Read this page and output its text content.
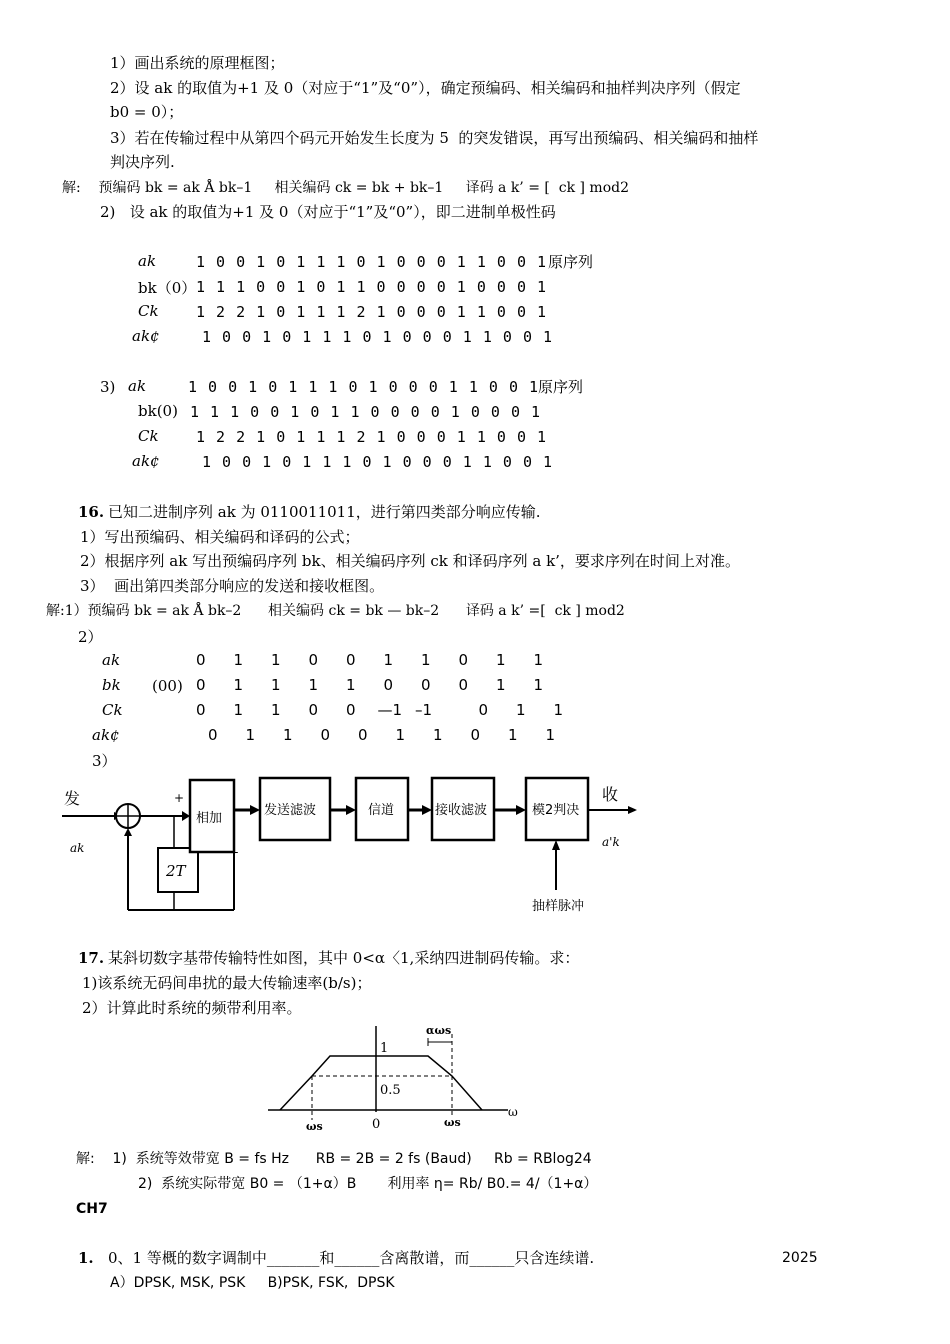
1）画出系统的原理框图；
2）设 ak 的取值为+1 及 0（对应于“1”及“0”），确定预编码、相关编码和抽样判决序列（假定
b0 = 0）；
3）若在传输过程中从第四个码元开始发生长度为 5  的突发错误，再写出预编码、相关编码和抽样
判决序列.
解:    预编码 bk = ak Å bk–1     相关编码 ck = bk + bk–1     译码 a k’ = [  ck ] mod2
2)   设 ak 的取值为+1 及 0（对应于“1”及“0”），即二进制单极性码
ak	1 0 0 1 0 1 1 1 0 1 0 0 0 1 1 0 0 1 原序列
bk（0） 1 1 1 0 0 1 0 1 1 0 0 0 0 1 0 0 0 1
Ck 1 2 2 1 0 1 1 1 2 1 0 0 0 1 1 0 0 1
ak¢	1 0 0 1 0 1 1 1 0 1 0 0 0 1 1 0 0 1
3) ak	1 0 0 1 0 1 1 1 0 1 0 0 0 1 1 0 0 1
原序列
bk(0) 1 1 1 0 0 1 0 1 1 0 0 0 0 1 0 0 0 1
Ck 1 2 2 1 0 1 1 1 2 1 0 0 0 1 1 0 0 1
ak¢	1 0 0 1 0 1 1 1 0 1 0 0 0 1 1 0 0 1
16. 已知二进制序列 ak 为 0110011011，进行第四类部分响应传输.
1）写出预编码、相关编码和译码的公式；
2）根据序列 ak 写出预编码序列 bk、相关编码序列 ck 和译码序列 a k’，要求序列在时间上对准。
3）  画出第四类部分响应的发送和接收框图。
解:1）预编码 bk = ak Å bk–2      相关编码 ck = bk — bk–2      译码 a k’ =[  ck ] mod2
2）
ak	0 1 1 0 0 1 1 0 1 1
bk (00) 0 1 1 1 1 0 0 0 1 1
Ck	0 1 1 0 0 —1 –1	0 1 1
ak¢	0 1 1 0 0 1 1 0 1 1
3）
发
ak
+
-
2T
相加
发送滤波	信道	接收滤波	模2判决
收
a'k
抽样脉冲
17. 某斜切数字基带传输特性如图，其中 0<α〈1,采纳四进制码传输。求：
1)该系统无码间串扰的最大传输速率(b/s)；
2）计算此时系统的频带利用率。
1
0.5
0
αωs
ωs
ωs
ω
解:    1)  系统等效带宽 B = fs Hz      RB = 2B = 2 fs (Baud)     Rb = RBlog24
2)  系统实际带宽 B0 = （1+α）B       利用率 η= Rb/ B0.= 4/（1+α）
CH7
1. 0、1 等概的数字调制中_______和______含离散谱，而______只含连续谱.	2025
A）DPSK, MSK, PSK     B)PSK, FSK,  DPSK
